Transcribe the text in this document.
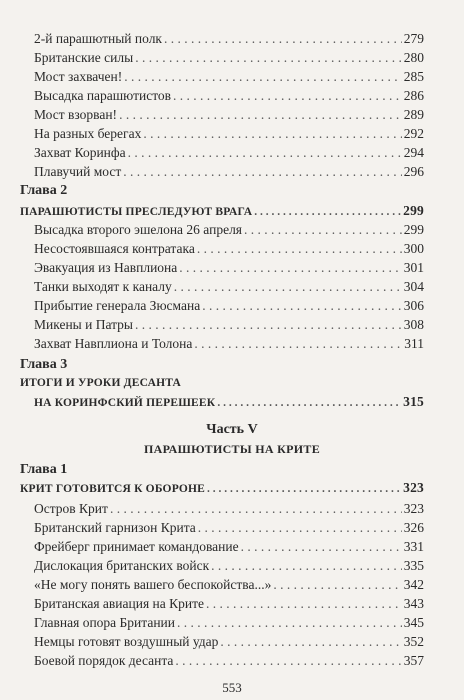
2-й парашютный полк . . .	279
Британские силы . . .	280
Мост захвачен! . . .	285
Высадка парашютистов . . .	286
Мост взорван! . . .	289
На разных берегах . . .	292
Захват Коринфа . . .	294
Плавучий мост . . .	296
Глава 2
ПАРАШЮТИСТЫ ПРЕСЛЕДУЮТ ВРАГА . . .	299
Высадка второго эшелона 26 апреля . . .	299
Несостоявшаяся контратака . . .	300
Эвакуация из Навплиона . . .	301
Танки выходят к каналу . . .	304
Прибытие генерала Зюсмана . . .	306
Микены и Патры . . .	308
Захват Навплиона и Толона . . .	311
Глава 3
ИТОГИ И УРОКИ ДЕСАНТА
НА КОРИНФСКИЙ ПЕРЕШЕЕК . . .	315
Часть V
ПАРАШЮТИСТЫ НА КРИТЕ
Глава 1
КРИТ ГОТОВИТСЯ К ОБОРОНЕ . . .	323
Остров Крит . . .	323
Британский гарнизон Крита . . .	326
Фрейберг принимает командование . . .	331
Дислокация британских войск . . .	335
«Не могу понять вашего беспокойства...» . . .	342
Британская авиация на Крите . . .	343
Главная опора Британии . . .	345
Немцы готовят воздушный удар . . .	352
Боевой порядок десанта . . .	357
553
